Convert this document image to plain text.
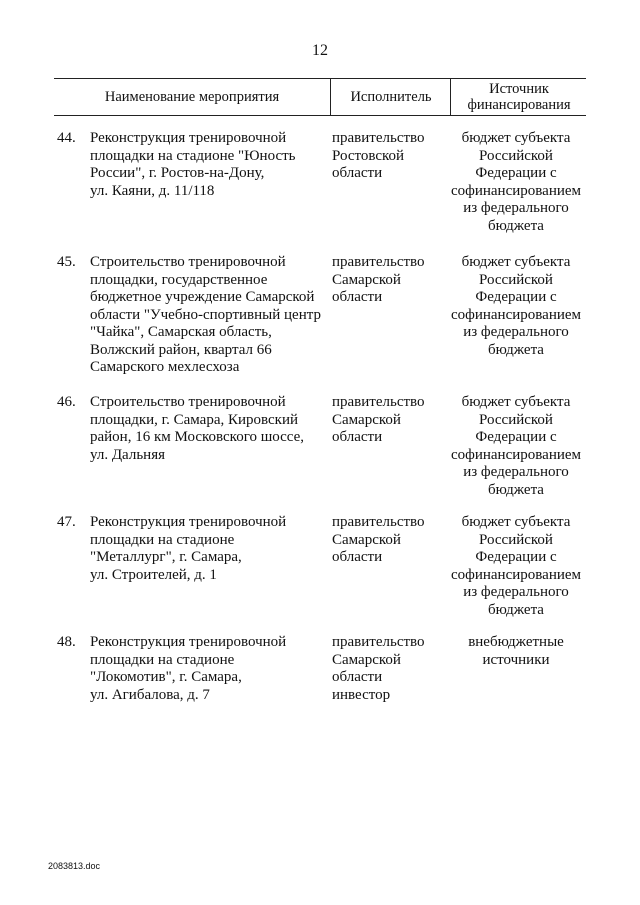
12
Наименование мероприятия	Исполнитель	Источник
финансирования
44. Реконструкция тренировочной
площадки на стадионе "Юность
России", г. Ростов-на-Дону,
ул. Каяни, д. 11/118
правительство
Ростовской
области
бюджет субъекта
Российской
Федерации с
софинансированием
из федерального
бюджета
45. Строительство тренировочной
площадки, государственное
бюджетное учреждение Самарской
области "Учебно-спортивный центр
"Чайка", Самарская область,
Волжский район, квартал 66
Самарского мехлесхоза
правительство
Самарской
области
бюджет субъекта
Российской
Федерации с
софинансированием
из федерального
бюджета
46. Строительство тренировочной
площадки, г. Самара, Кировский
район, 16 км Московского шоссе,
ул. Дальняя
правительство
Самарской
области
бюджет субъекта
Российской
Федерации с
софинансированием
из федерального
бюджета
47. Реконструкция тренировочной
площадки на стадионе
"Металлург", г. Самара,
ул. Строителей, д. 1
правительство
Самарской
области
бюджет субъекта
Российской
Федерации с
софинансированием
из федерального
бюджета
48. Реконструкция тренировочной
площадки на стадионе
"Локомотив", г. Самара,
ул. Агибалова, д. 7
правительство
Самарской
области
инвестор
внебюджетные
источники
2083813.doc
